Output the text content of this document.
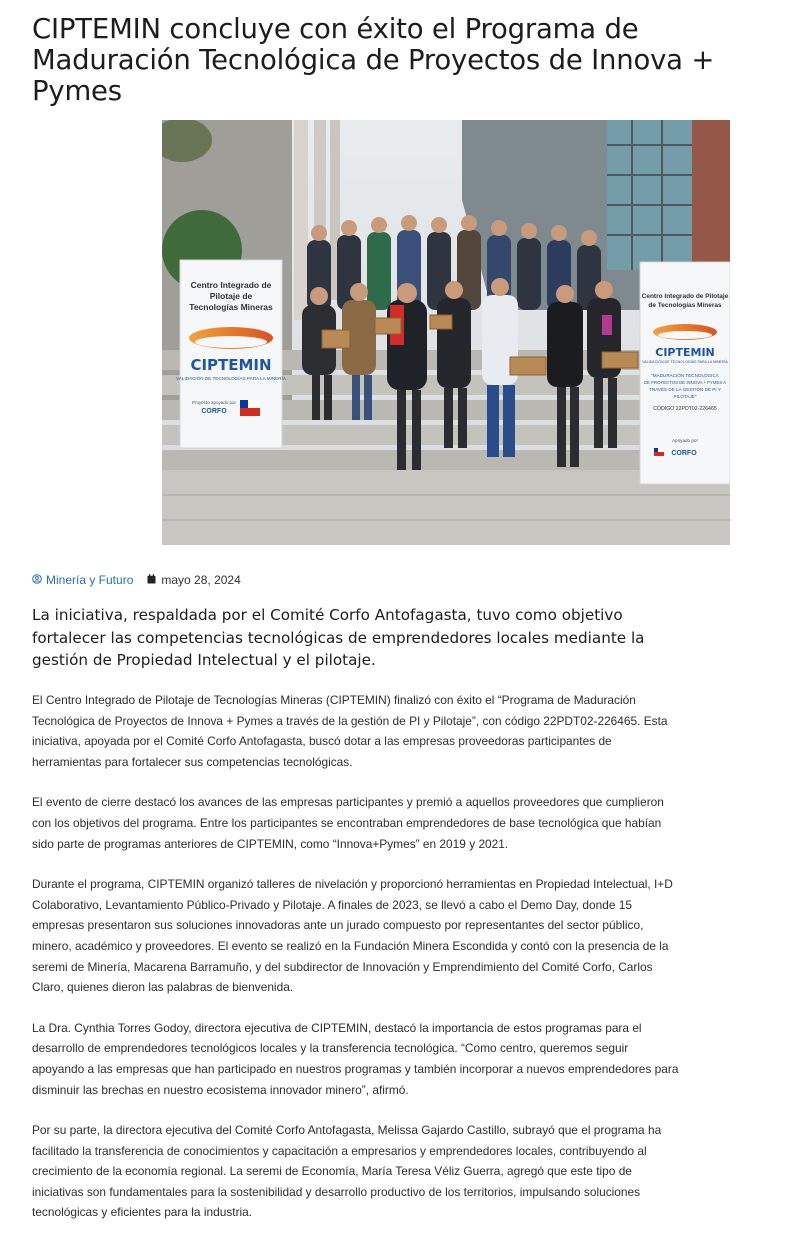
CIPTEMIN concluye con éxito el Programa de Maduración Tecnológica de Proyectos de Innova + Pymes
Centro Integrado de
Pilotaje de
Tecnologías Mineras
CIPTEMIN
VALIDACIÓN DE TECNOLOGÍAS PARA LA MINERÍA
Proyecto apoyado por
CORFO
Centro Integrado de Pilotaje
de Tecnologías Mineras
CIPTEMIN
VALIDACIÓN DE TECNOLOGÍAS PARA LA MINERÍA
"MADURACIÓN TECNOLÓGICA
DE PROYECTOS DE INNOVA + PYMES A
TRAVÉS DE LA GESTIÓN DE PI Y
PILOTAJE"
CÓDIGO 22PDT02-226465
Apoyado por
CORFO
Minería y Futuro mayo 28, 2024

La iniciativa, respaldada por el Comité Corfo Antofagasta, tuvo como objetivo fortalecer las competencias tecnológicas de emprendedores locales mediante la gestión de Propiedad Intelectual y el pilotaje.

El Centro Integrado de Pilotaje de Tecnologías Mineras (CIPTEMIN) finalizó con éxito el “Programa de Maduración Tecnológica de Proyectos de Innova + Pymes a través de la gestión de PI y Pilotaje”, con código 22PDT02-226465. Esta iniciativa, apoyada por el Comité Corfo Antofagasta, buscó dotar a las empresas proveedoras participantes de herramientas para fortalecer sus competencias tecnológicas.

El evento de cierre destacó los avances de las empresas participantes y premió a aquellos proveedores que cumplieron con los objetivos del programa. Entre los participantes se encontraban emprendedores de base tecnológica que habían sido parte de programas anteriores de CIPTEMIN, como “Innova+Pymes” en 2019 y 2021.

Durante el programa, CIPTEMIN organizó talleres de nivelación y proporcionó herramientas en Propiedad Intelectual, I+D Colaborativo, Levantamiento Público-Privado y Pilotaje. A finales de 2023, se llevó a cabo el Demo Day, donde 15 empresas presentaron sus soluciones innovadoras ante un jurado compuesto por representantes del sector público, minero, académico y proveedores. El evento se realizó en la Fundación Minera Escondida y contó con la presencia de la seremi de Minería, Macarena Barramuño, y del subdirector de Innovación y Emprendimiento del Comité Corfo, Carlos Claro, quienes dieron las palabras de bienvenida.

La Dra. Cynthia Torres Godoy, directora ejecutiva de CIPTEMIN, destacó la importancia de estos programas para el desarrollo de emprendedores tecnológicos locales y la transferencia tecnológica. “Como centro, queremos seguir apoyando a las empresas que han participado en nuestros programas y también incorporar a nuevos emprendedores para disminuir las brechas en nuestro ecosistema innovador minero”, afirmó.

Por su parte, la directora ejecutiva del Comité Corfo Antofagasta, Melissa Gajardo Castillo, subrayó que el programa ha facilitado la transferencia de conocimientos y capacitación a empresarios y emprendedores locales, contribuyendo al crecimiento de la economía regional. La seremi de Economía, María Teresa Véliz Guerra, agregó que este tipo de iniciativas son fundamentales para la sostenibilidad y desarrollo productivo de los territorios, impulsando soluciones tecnológicas y eficientes para la industria.
